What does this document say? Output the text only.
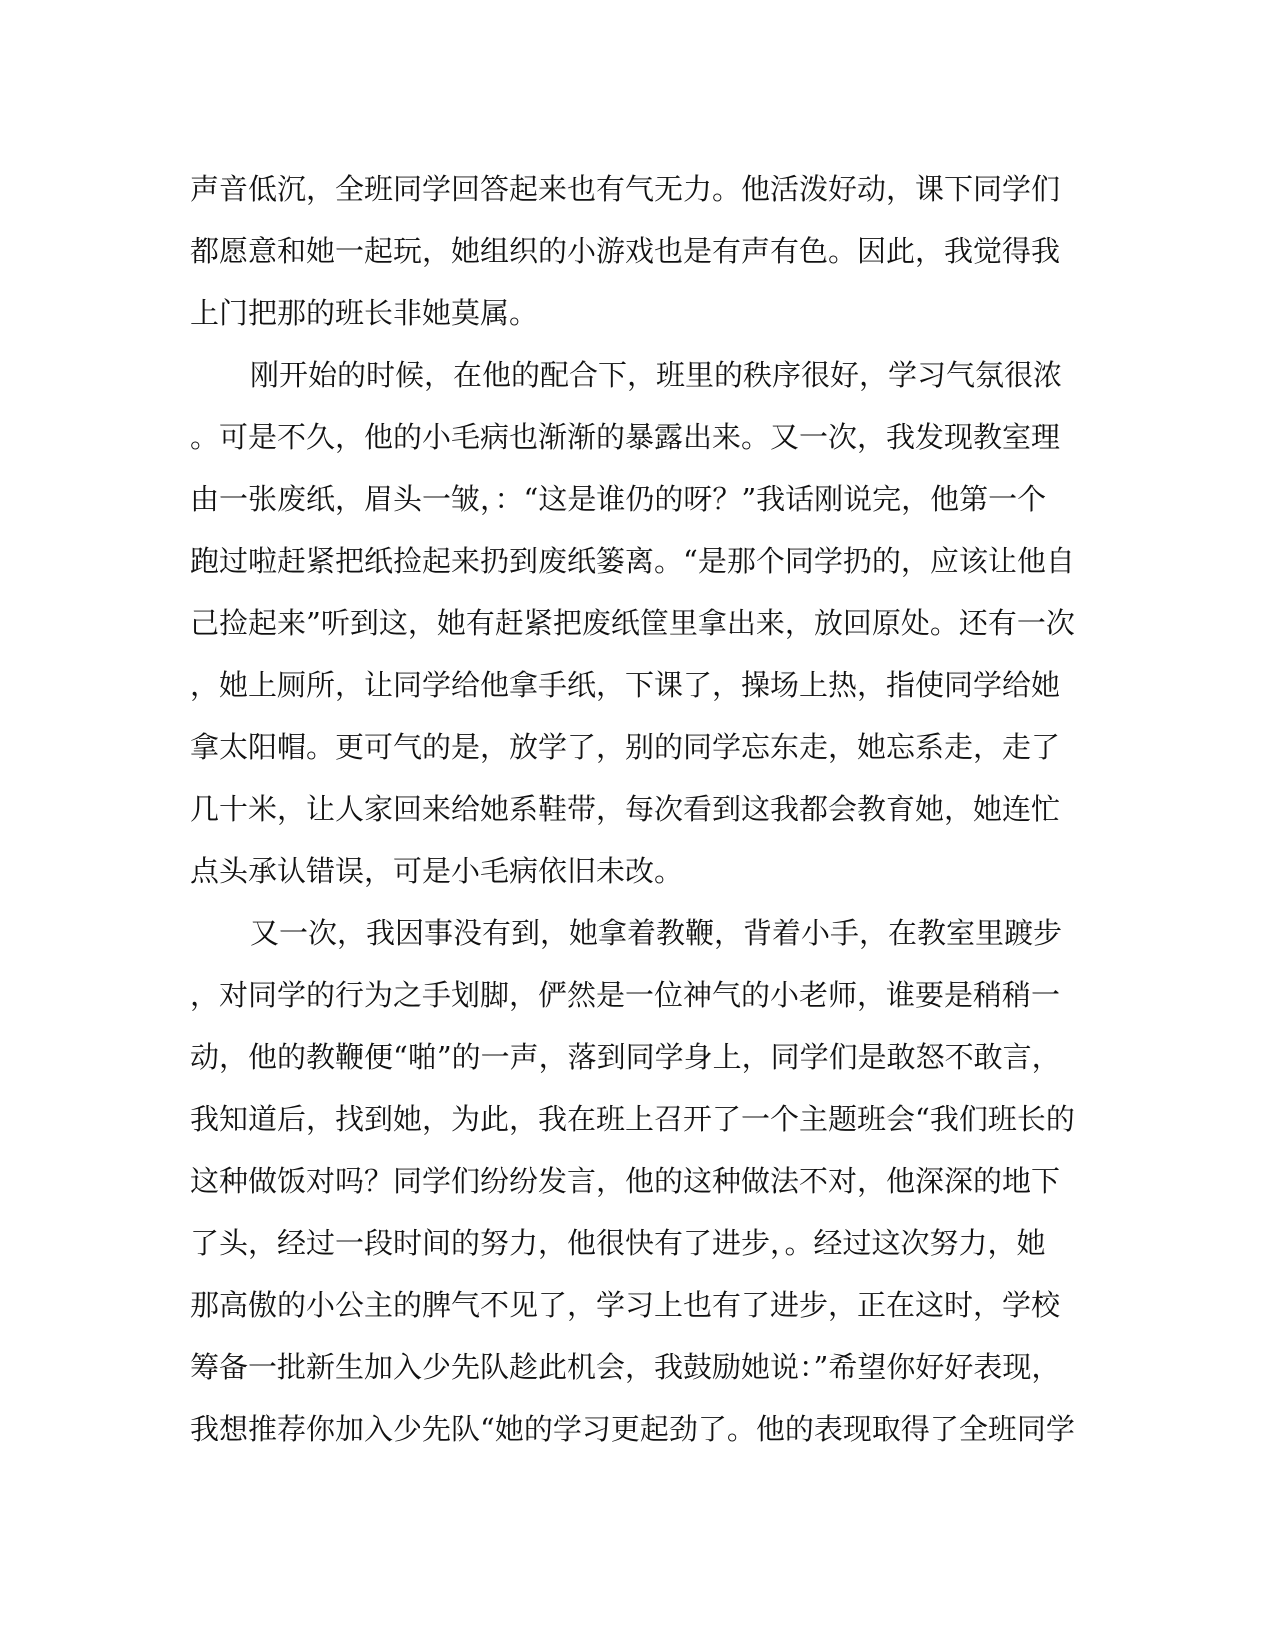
声音低沉，全班同学回答起来也有气无力。他活泼好动，课下同学们
都愿意和她一起玩，她组织的小游戏也是有声有色。因此，我觉得我
上门把那的班长非她莫属。
刚开始的时候，在他的配合下，班里的秩序很好，学习气氛很浓
。可是不久，他的小毛病也渐渐的暴露出来。又一次，我发现教室理
由一张废纸，眉头一皱，：“这是谁仍的呀？”我话刚说完，他第一个
跑过啦赶紧把纸捡起来扔到废纸篓离。“是那个同学扔的，应该让他自
己捡起来”听到这，她有赶紧把废纸筐里拿出来，放回原处。还有一次
，她上厕所，让同学给他拿手纸，下课了，操场上热，指使同学给她
拿太阳帽。更可气的是，放学了，别的同学忘东走，她忘系走，走了
几十米，让人家回来给她系鞋带，每次看到这我都会教育她，她连忙
点头承认错误，可是小毛病依旧未改。
又一次，我因事没有到，她拿着教鞭，背着小手，在教室里踱步
，对同学的行为之手划脚，俨然是一位神气的小老师，谁要是稍稍一
动，他的教鞭便“啪”的一声，落到同学身上，同学们是敢怒不敢言，
我知道后，找到她，为此，我在班上召开了一个主题班会“我们班长的
这种做饭对吗？同学们纷纷发言，他的这种做法不对，他深深的地下
了头，经过一段时间的努力，他很快有了进步，。经过这次努力，她
那高傲的小公主的脾气不见了，学习上也有了进步，正在这时，学校
筹备一批新生加入少先队趁此机会，我鼓励她说：”希望你好好表现，
我想推荐你加入少先队“她的学习更起劲了。他的表现取得了全班同学
